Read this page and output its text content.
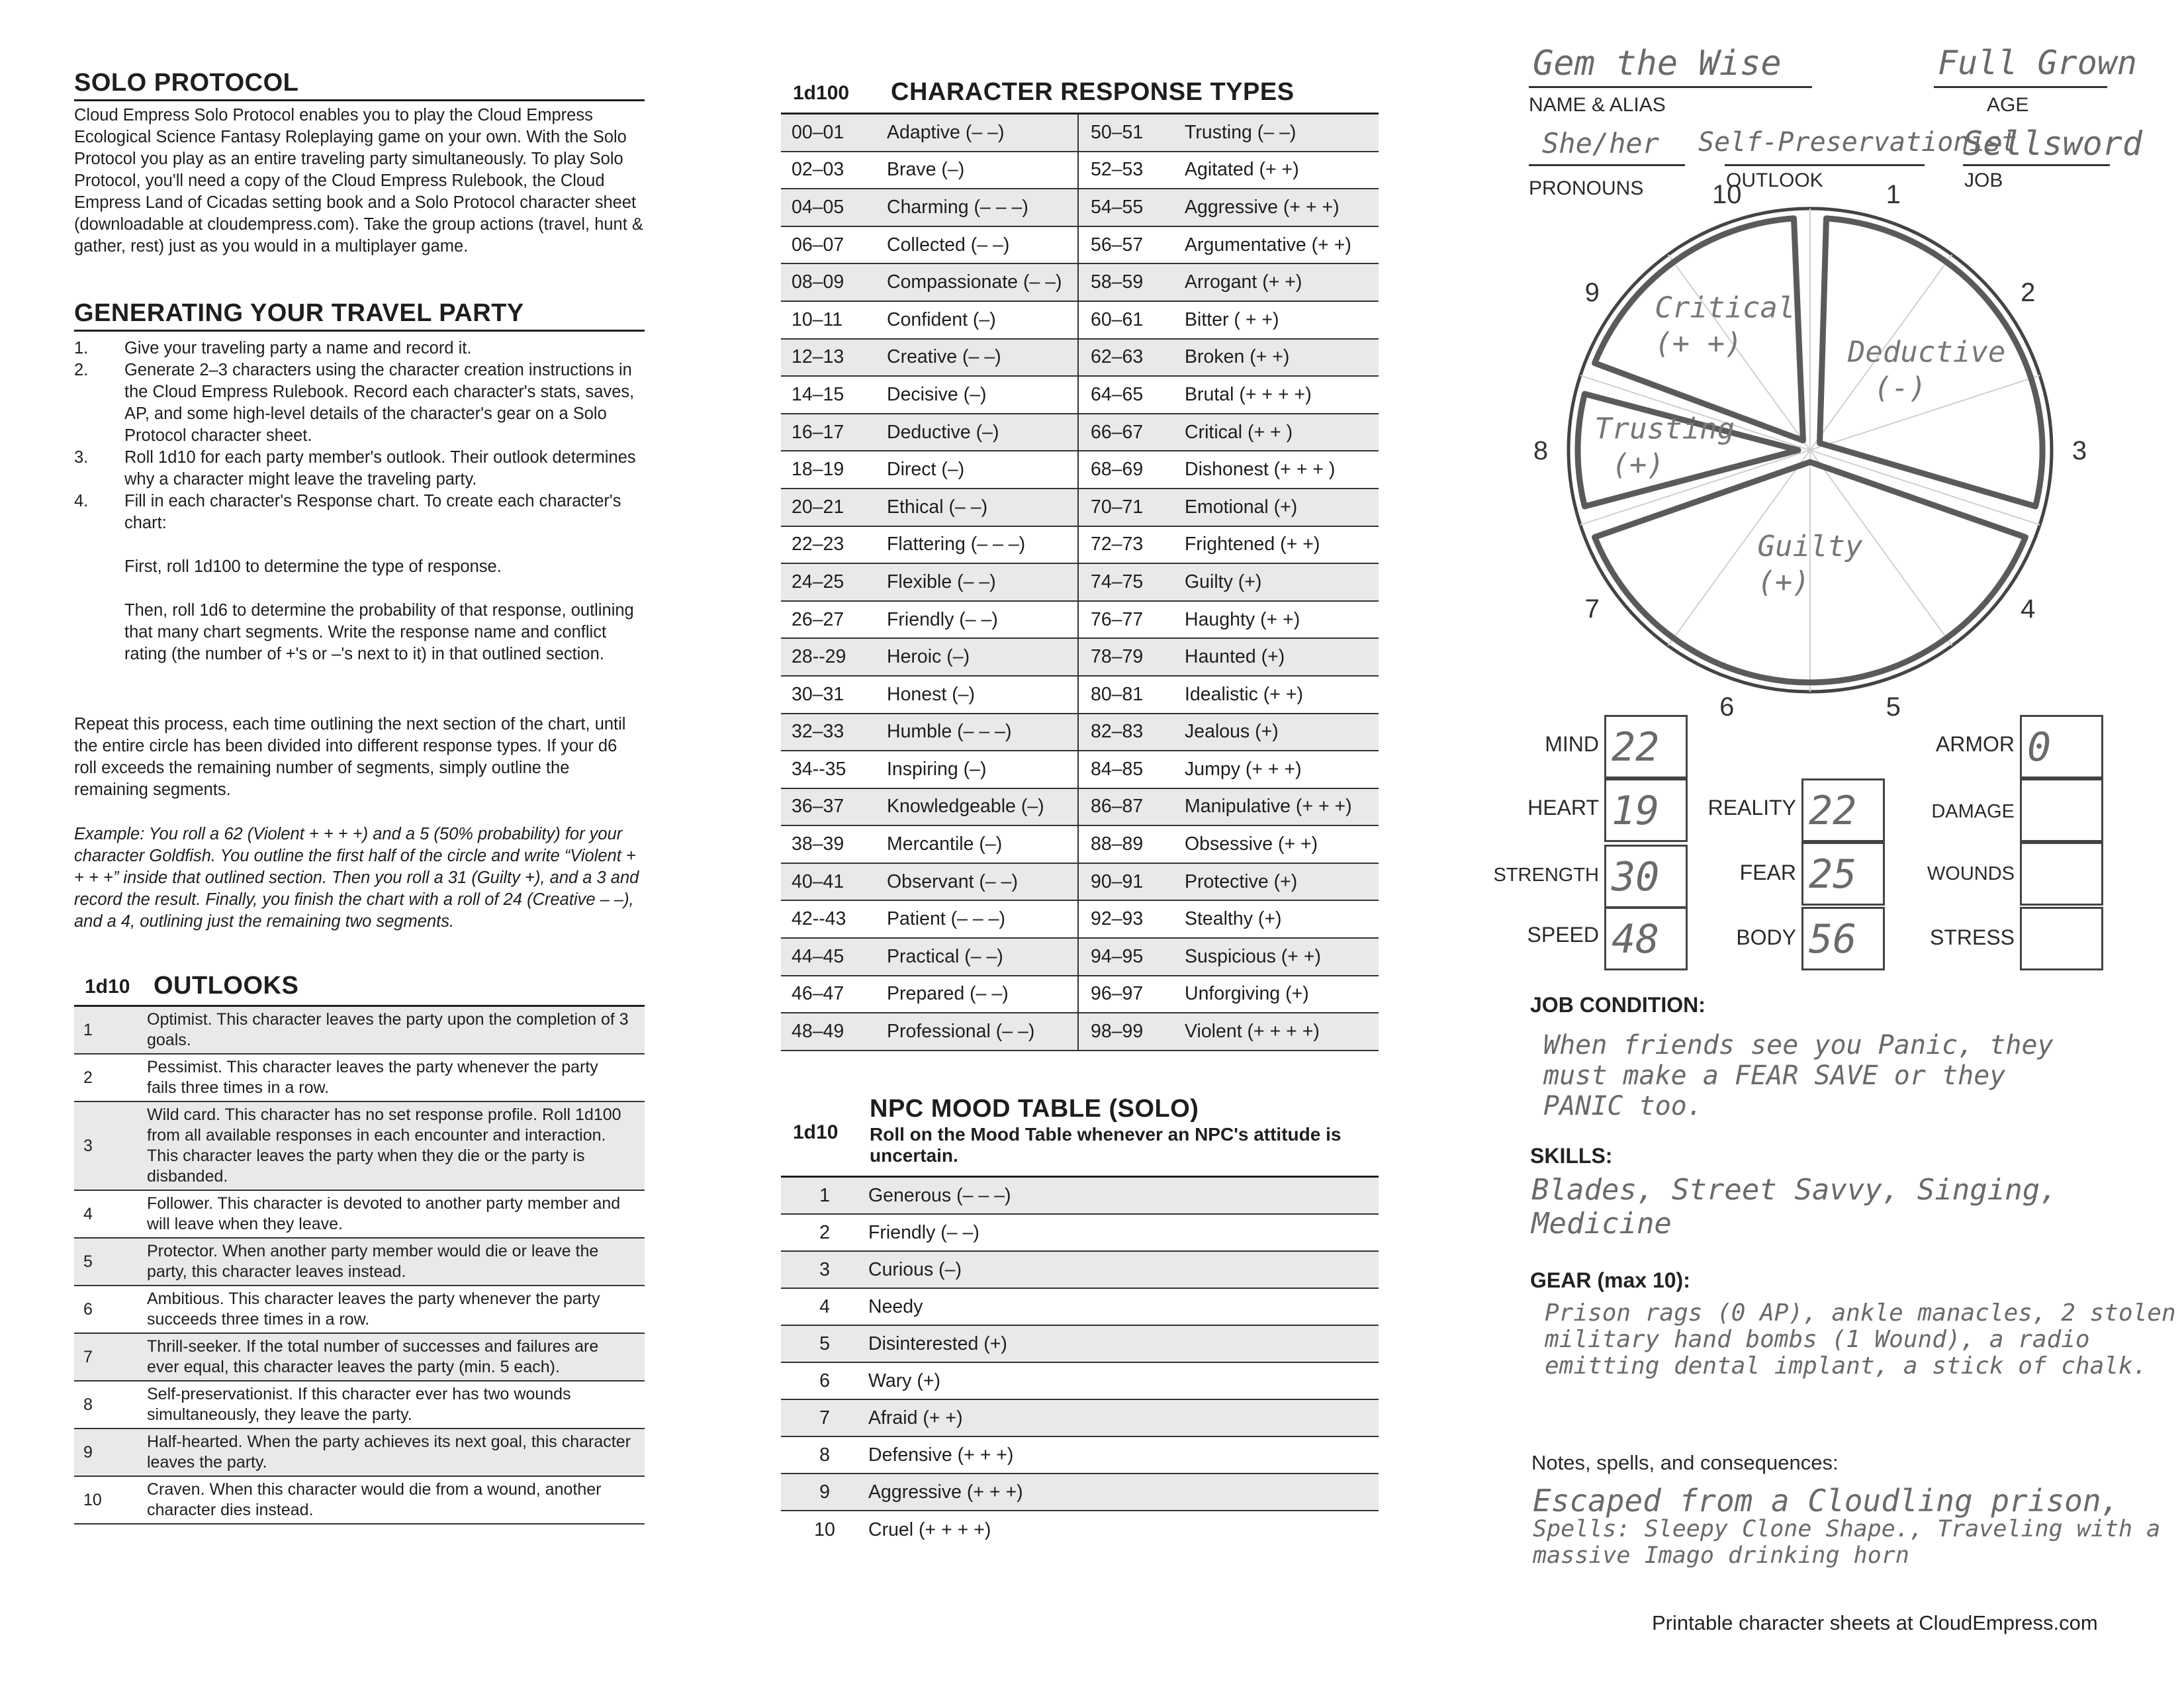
SOLO PROTOCOL
Cloud Empress Solo Protocol enables you to play the Cloud Empress Ecological Science Fantasy Roleplaying game on your own. With the Solo Protocol you play as an entire traveling party simultaneously. To play Solo Protocol, you'll need a copy of the Cloud Empress Rulebook, the Cloud Empress Land of Cicadas setting book and a Solo Protocol character sheet (downloadable at cloudempress.com). Take the group actions (travel, hunt & gather, rest) just as you would in a multiplayer game.
GENERATING YOUR TRAVEL PARTY
1.	Give your traveling party a name and record it.
2.	Generate 2–3 characters using the character creation instructions in the Cloud Empress Rulebook. Record each character's stats, saves, AP, and some high-level details of the character's gear on a Solo Protocol character sheet.
3.	Roll 1d10 for each party member's outlook. Their outlook determines why a character might leave the traveling party.
4.	Fill in each character's Response chart. To create each character's chart:
First, roll 1d100 to determine the type of response.
Then, roll 1d6 to determine the probability of that response, outlining that many chart segments. Write the response name and conflict rating (the number of +'s or –'s next to it) in that outlined section.
Repeat this process, each time outlining the next section of the chart, until the entire circle has been divided into different response types. If your d6 roll exceeds the remaining number of segments, simply outline the remaining segments.
Example: You roll a 62 (Violent + + + +) and a 5 (50% probability) for your character Goldfish. You outline the first half of the circle and write “Violent + + + +” inside that outlined section. Then you roll a 31 (Guilty +), and a 3 and record the result. Finally, you finish the chart with a roll of 24 (Creative – –), and a 4, outlining just the remaining two segments.
1d10 OUTLOOKS
1
Optimist. This character leaves the party upon the completion of 3 goals.
2
Pessimist. This character leaves the party whenever the party fails three times in a row.
3
Wild card. This character has no set response profile. Roll 1d100 from all available responses in each encounter and interaction. This character leaves the party when they die or the party is disbanded.
4
Follower. This character is devoted to another party member and will leave when they leave.
5
Protector. When another party member would die or leave the party, this character leaves instead.
6
Ambitious. This character leaves the party whenever the party succeeds three times in a row.
7
Thrill-seeker. If the total number of successes and failures are ever equal, this character leaves the party (min. 5 each).
8
Self-preservationist. If this character ever has two wounds simultaneously, they leave the party.
9
Half-hearted. When the party achieves its next goal, this character leaves the party.
10
Craven. When this character would die from a wound, another character dies instead.
1d100 CHARACTER RESPONSE TYPES
00–01	Adaptive (– –)	50–51	Trusting (– –)
02–03	Brave (–)	52–53	Agitated (+ +)
04–05	Charming (– – –)	54–55	Aggressive (+ + +)
06–07	Collected (– –)	56–57	Argumentative (+ +)
08–09	Compassionate (– –)	58–59	Arrogant (+ +)
10–11	Confident (–)	60–61	Bitter ( + +)
12–13	Creative (– –)	62–63	Broken (+ +)
14–15	Decisive (–)	64–65	Brutal (+ + + +)
16–17	Deductive (–)	66–67	Critical (+ + )
18–19	Direct (–)	68–69	Dishonest (+ + + )
20–21	Ethical (– –)	70–71	Emotional (+)
22–23	Flattering (– – –)	72–73	Frightened (+ +)
24–25	Flexible (– –)	74–75	Guilty (+)
26–27	Friendly (– –)	76–77	Haughty (+ +)
28--29	Heroic (–)	78–79	Haunted (+)
30–31	Honest (–)	80–81	Idealistic (+ +)
32–33	Humble (– – –)	82–83	Jealous (+)
34--35	Inspiring (–)	84–85	Jumpy (+ + +)
36–37	Knowledgeable (–)	86–87	Manipulative (+ + +)
38–39	Mercantile (–)	88–89	Obsessive (+ +)
40–41	Observant (– –)	90–91	Protective (+)
42--43	Patient (– – –)	92–93	Stealthy (+)
44–45	Practical (– –)	94–95	Suspicious (+ +)
46–47	Prepared (– –)	96–97	Unforgiving (+)
48–49	Professional (– –)	98–99	Violent (+ + + +)
1d10
NPC MOOD TABLE (SOLO)
Roll on the Mood Table whenever an NPC's attitude is uncertain.
1	Generous (– – –)
2	Friendly (– –)
3	Curious (–)
4	Needy
5	Disinterested (+)
6	Wary (+)
7	Afraid (+ +)
8	Defensive (+ + +)
9	Aggressive (+ + +)
10	Cruel (+ + + +)
Gem the Wise
NAME & ALIAS
Full Grown
AGE
She/her
PRONOUNS
Self-Preservationist
OUTLOOK
Sellsword
JOB
1
2
3
4
5
6
7
8
9
10
Deductive
(-)
Guilty
(+)
Trusting
(+)
Critical
(+ +)
MIND 22
HEART 19
STRENGTH 30
SPEED 48
REALITY 22
FEAR 25
BODY 56
ARMOR 0
DAMAGE
WOUNDS
STRESS
JOB CONDITION:
When friends see you Panic, they
must make a FEAR SAVE or they
PANIC too.
SKILLS:
Blades, Street Savvy, Singing, Medicine
GEAR (max 10):
Prison rags (0 AP), ankle manacles, 2 stolen
military hand bombs (1 Wound), a radio
emitting dental implant, a stick of chalk.
Notes, spells, and consequences:
Escaped from a Cloudling prison,
Spells: Sleepy Clone Shape., Traveling with a
massive Imago drinking horn
Printable character sheets at CloudEmpress.com
